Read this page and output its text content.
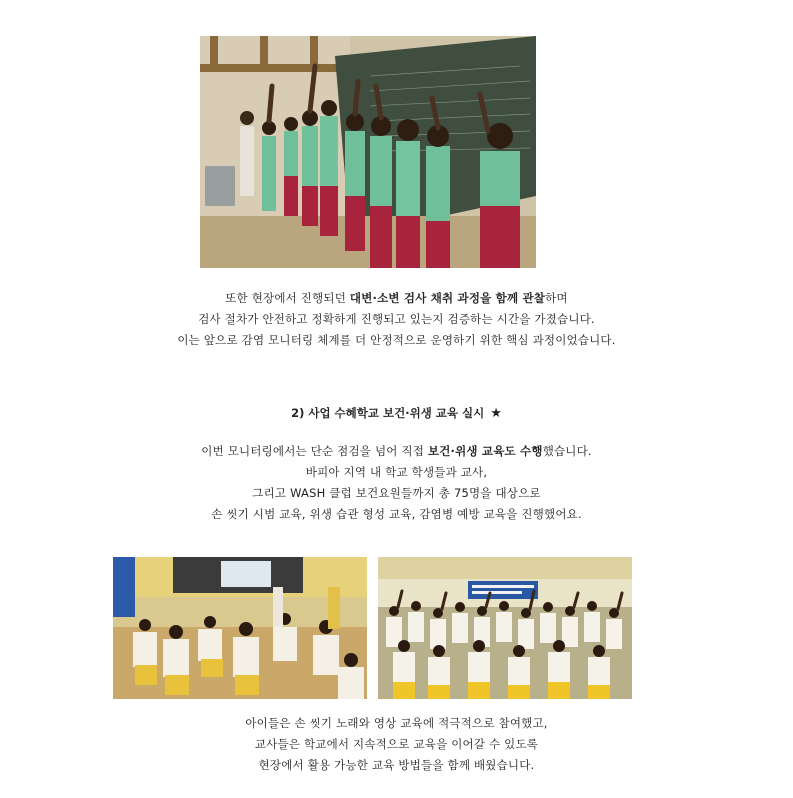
또한 현장에서 진행되던 대변·소변 검사 채취 과정을 함께 관찰하며
검사 절차가 안전하고 정확하게 진행되고 있는지 검증하는 시간을 가졌습니다.
이는 앞으로 감염 모니터링 체계를 더 안정적으로 운영하기 위한 핵심 과정이었습니다.
2) 사업 수혜학교 보건·위생 교육 실시 ★
이번 모니터링에서는 단순 점검을 넘어 직접 보건·위생 교육도 수행했습니다.
바피아 지역 내 학교 학생들과 교사,
그리고 WASH 클럽 보건요원들까지 총 75명을 대상으로
손 씻기 시범 교육, 위생 습관 형성 교육, 감염병 예방 교육을 진행했어요.
아이들은 손 씻기 노래와 영상 교육에 적극적으로 참여했고,
교사들은 학교에서 지속적으로 교육을 이어갈 수 있도록
현장에서 활용 가능한 교육 방법들을 함께 배웠습니다.
